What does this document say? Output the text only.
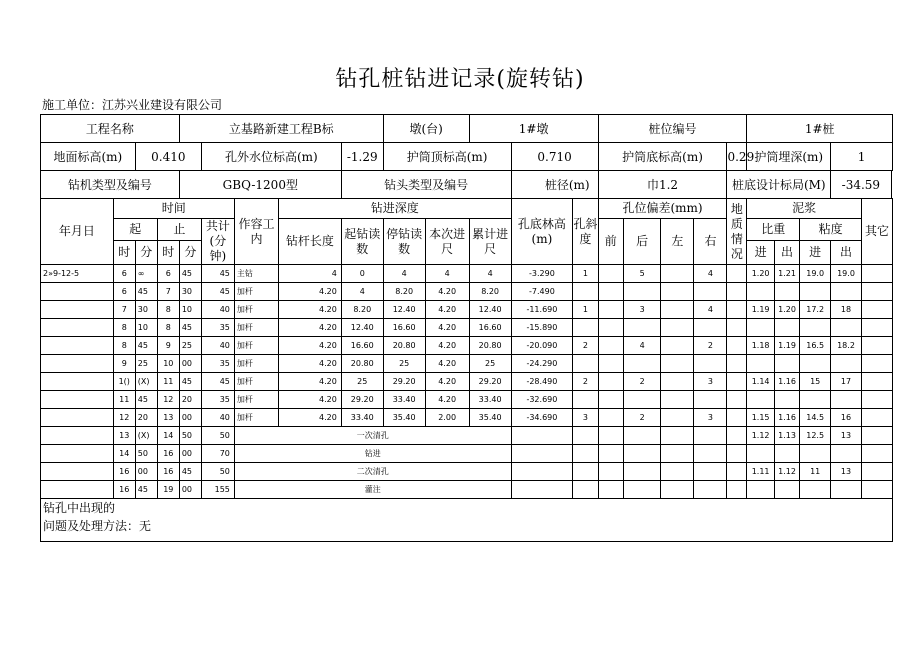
钻孔桩钻进记录(旋转钻)
施工单位：江苏兴业建设有限公司
工程名称				立基路新建工程B标					墩(台)		1#墩			桩位编号					1#桩				
地面标高(m)		0.410			孔外水位标高(m)			-1.29	护筒顶标高(m)			0.710		护筒底标高(m)				0.29	护筒埋深(m)			1	
钻机类型及编号				GBQ-1200型				钻头类型及编号				桩径(m)		巾1.2				桩底设计标局(M)				-34.59	
年月日	时间					作容工内	钻进深度					孔底林高(m)	孔斜度	孔位偏差(mm)				地质情况	泥浆				其它
	起		止		共计(分钟)		钻杆长度	起钻读数	停钻读数	本次进尺	累计进尺			前	后	左	右		比重		粘度		
	时	分	时	分															进	出	进	出	
2»9-12-5	6	∞	6	45	45	主钻	4	0	4	4	4	-3.290	1		5		4		1.20	1.21	19.0	19.0	
	6	45	7	30	45	加杆	4.20	4	8.20	4.20	8.20	-7.490											
	7	30	8	10	40	加杆	4.20	8.20	12.40	4.20	12.40	-11.690	1		3		4		1.19	1.20	17.2	18	
	8	10	8	45	35	加杆	4.20	12.40	16.60	4.20	16.60	-15.890											
	8	45	9	25	40	加杆	4.20	16.60	20.80	4.20	20.80	-20.090	2		4		2		1.18	1.19	16.5	18.2	
	9	25	10	00	35	加杆	4.20	20.80	25	4.20	25	-24.290											
	1()	(X)	11	45	45	加杆	4.20	25	29.20	4.20	29.20	-28.490	2		2		3		1.14	1.16	15	17	
	11	45	12	20	35	加杆	4.20	29.20	33.40	4.20	33.40	-32.690											
	12	20	13	00	40	加杆	4.20	33.40	35.40	2.00	35.40	-34.690	3		2		3		1.15	1.16	14.5	16	
	13	(X)	14	50	50	一次清孔													1.12	1.13	12.5	13	
	14	50	16	00	70	钻进																	
	16	00	16	45	50	二次清孔													1.11	1.12	11	13	
	16	45	19	00	155	灌注																	

钻孔中出现的
问题及处理方法：无																							
